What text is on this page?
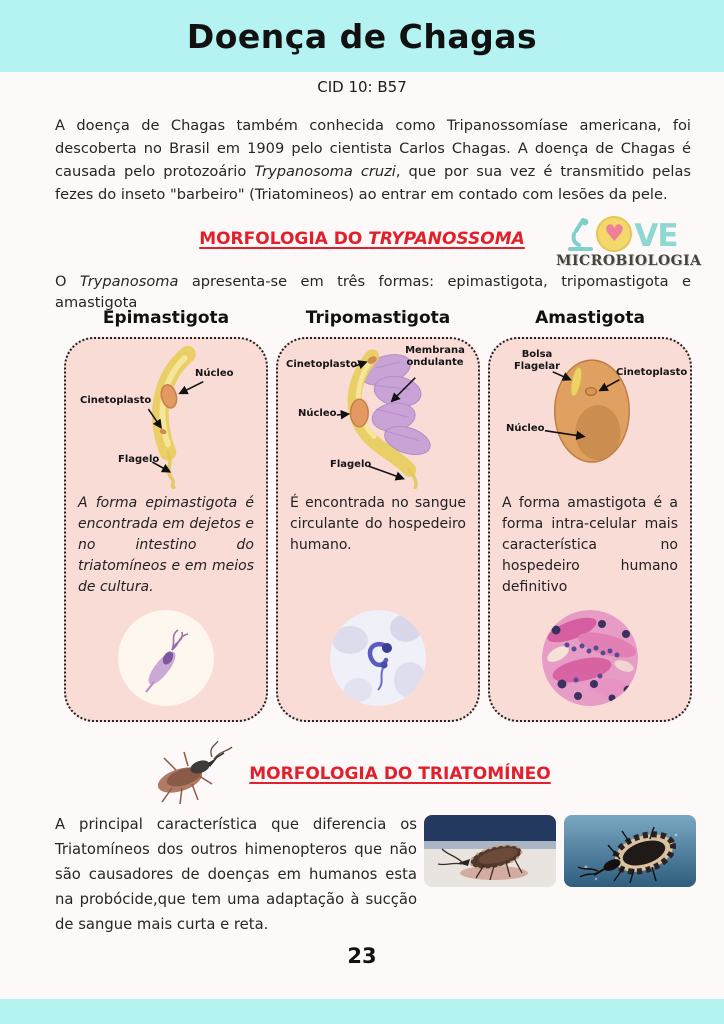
Doença de Chagas
CID 10: B57

A doença de Chagas também conhecida como Tripanossomíase americana, foi descoberta no Brasil em 1909 pelo cientista Carlos Chagas. A doença de Chagas é causada pelo protozoário Trypanosoma cruzi, que por sua vez é transmitido pelas fezes do inseto "barbeiro" (Triatomineos) ao entrar em contado com lesões da pele.

MORFOLOGIA DO TRYPANOSSOMA	♥ VE
MICROBIOLOGIA

O Trypanosoma apresenta-se em três formas: epimastigota, tripomastigota e amastigota

Epimastigota	Tripomastigota	Amastigota
Núcleo
Cinetoplasto
Flagelo

A forma epimastigota é encontrada em dejetos e no intestino do triatomíneos e em meios de cultura.

Cinetoplasto
Membrana ondulante
Núcleo
Flagelo

É encontrada no sangue circulante do hospedeiro humano.

Bolsa Flagelar
Cinetoplasto
Núcleo

A forma amastigota é a forma intra-celular mais característica no hospedeiro humano definitivo

MORFOLOGIA DO TRIATOMÍNEO

A principal característica que diferencia os Triatomíneos dos outros himenopteros que não são causadores de doenças em humanos esta na probócide,que tem uma adaptação à sucção de sangue mais curta e reta.

23
